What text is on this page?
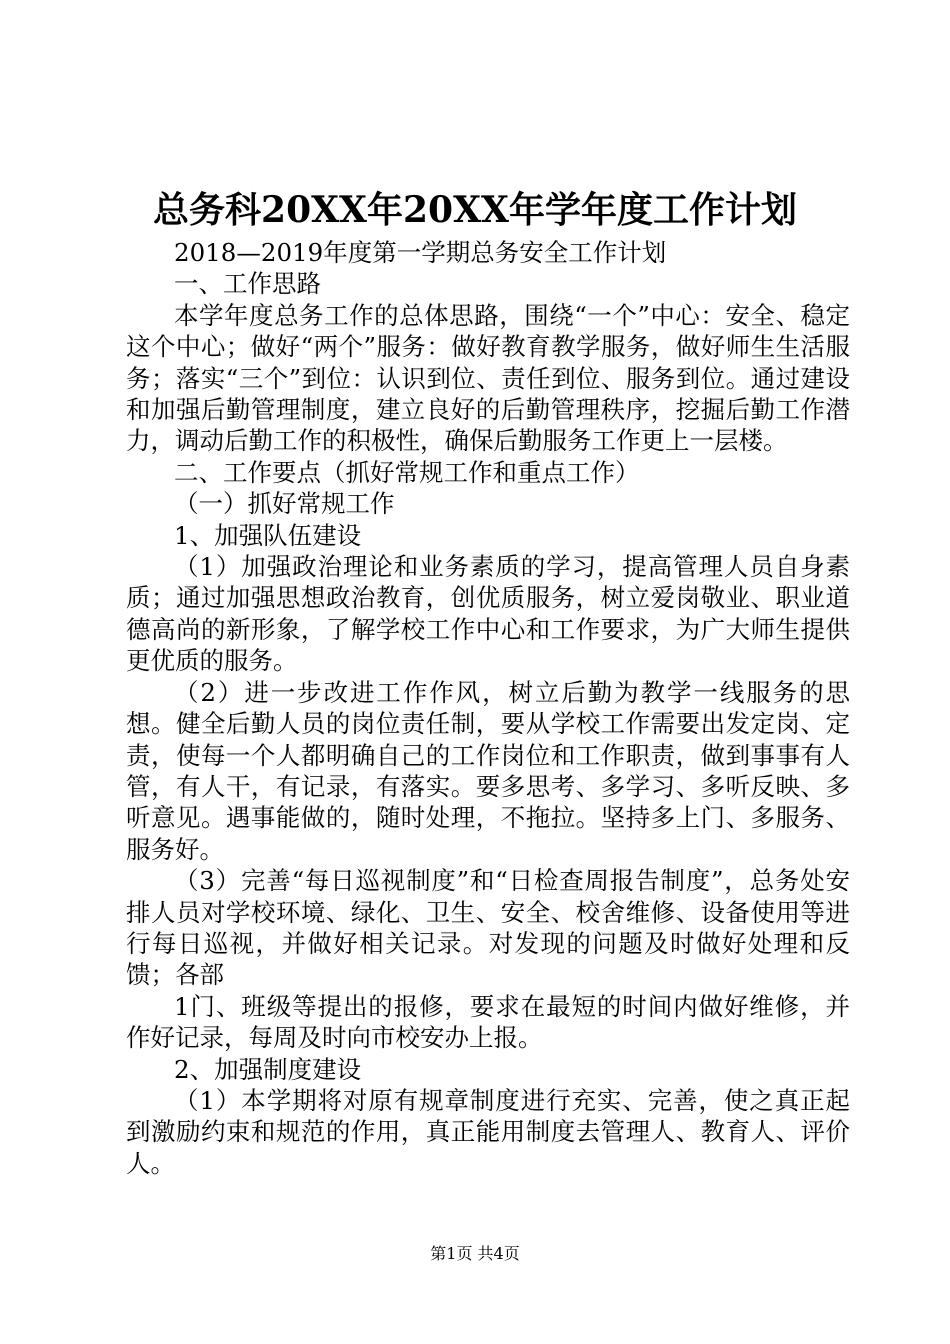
总务科20XX年20XX年学年度工作计划

2018—2019年度第一学期总务安全工作计划

一、工作思路

本学年度总务工作的总体思路，围绕“一个”中心：安全、稳定这个中心；做好“两个”服务：做好教育教学服务，做好师生生活服务；落实“三个”到位：认识到位、责任到位、服务到位。通过建设和加强后勤管理制度，建立良好的后勤管理秩序，挖掘后勤工作潜力，调动后勤工作的积极性，确保后勤服务工作更上一层楼。

二、工作要点（抓好常规工作和重点工作）

（一）抓好常规工作

1、加强队伍建设

（1）加强政治理论和业务素质的学习，提高管理人员自身素质；通过加强思想政治教育，创优质服务，树立爱岗敬业、职业道德高尚的新形象，了解学校工作中心和工作要求，为广大师生提供更优质的服务。

（2）进一步改进工作作风，树立后勤为教学一线服务的思想。健全后勤人员的岗位责任制，要从学校工作需要出发定岗、定责，使每一个人都明确自己的工作岗位和工作职责，做到事事有人管，有人干，有记录，有落实。要多思考、多学习、多听反映、多听意见。遇事能做的，随时处理，不拖拉。坚持多上门、多服务、服务好。

（3）完善“每日巡视制度”和“日检查周报告制度”，总务处安排人员对学校环境、绿化、卫生、安全、校舍维修、设备使用等进行每日巡视，并做好相关记录。对发现的问题及时做好处理和反馈；各部

1门、班级等提出的报修，要求在最短的时间内做好维修，并作好记录，每周及时向市校安办上报。

2、加强制度建设

（1）本学期将对原有规章制度进行充实、完善，使之真正起到激励约束和规范的作用，真正能用制度去管理人、教育人、评价人。

第1页 共4页
